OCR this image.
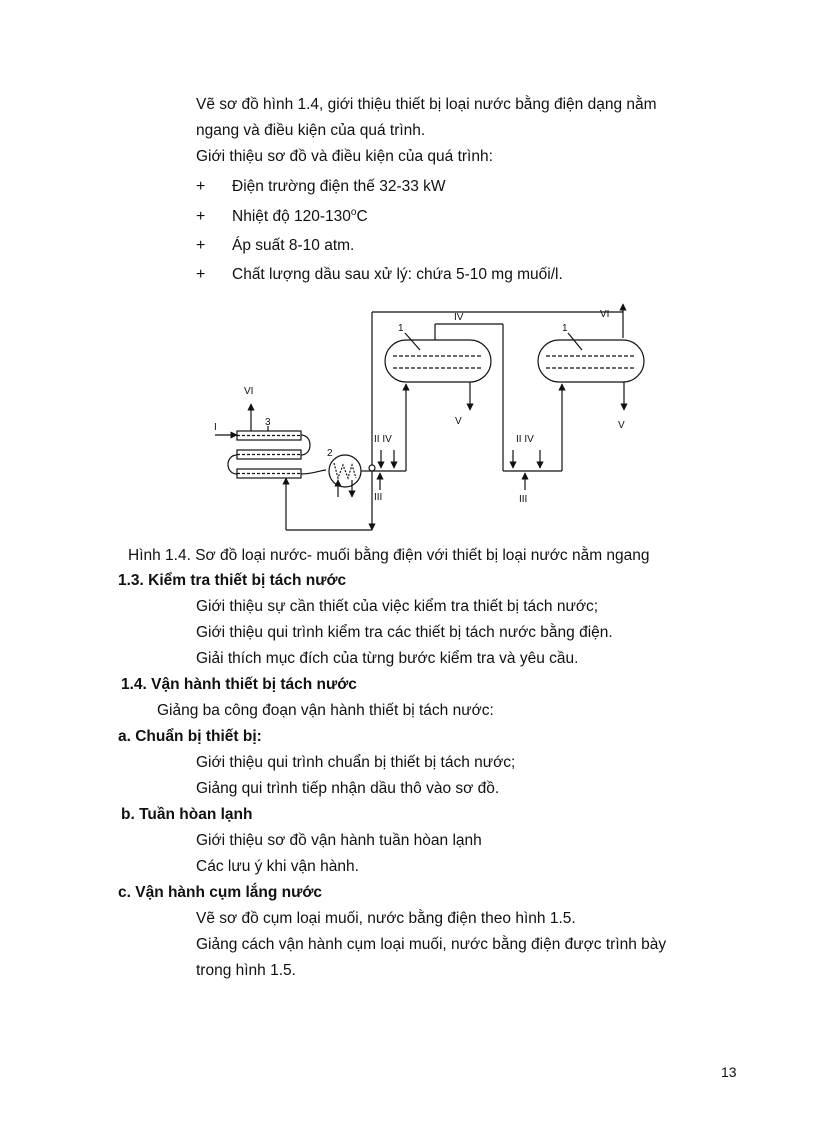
Vẽ sơ đồ hình 1.4, giới thiệu thiết bị loại nước bằng điện dạng nằm
ngang và điều kiện của quá trình.
Giới thiệu sơ đồ và điều kiện của quá trình:
+ Điện trường điện thế 32-33 kW
+ Nhiệt độ $120-130^oC$
+ Áp suất 8-10 atm.
+ Chất lượng dầu sau xử lý: chứa 5-10 mg muối/l.
I
VI
3
2
II IV
III
1
IV
V
II IV
III
1
VI
V
Hình 1.4. Sơ đồ loại nước- muối bằng điện với thiết bị loại nước nằm ngang
1.3. Kiểm tra thiết bị tách nước
Giới thiệu sự cần thiết của việc kiểm tra thiết bị tách nước;
Giới thiệu qui trình kiểm tra các thiết bị tách nước bằng điện.
Giải thích mục đích của từng bước kiểm tra và yêu cầu.
1.4. Vận hành thiết bị tách nước
Giảng ba công đoạn vận hành thiết bị tách nước:
a. Chuẩn bị thiết bị:
Giới thiệu qui trình chuẩn bị thiết bị tách nước;
Giảng qui trình tiếp nhận dầu thô vào sơ đồ.
b. Tuần hòan lạnh
Giới thiệu sơ đồ vận hành tuần hòan lạnh
Các lưu ý khi vận hành.
c. Vận hành cụm lắng nước
Vẽ sơ đồ cụm loại muối, nước bằng điện theo hình 1.5.
Giảng cách vận hành cụm loại muối, nước bằng điện được trình bày
trong hình 1.5.
13
